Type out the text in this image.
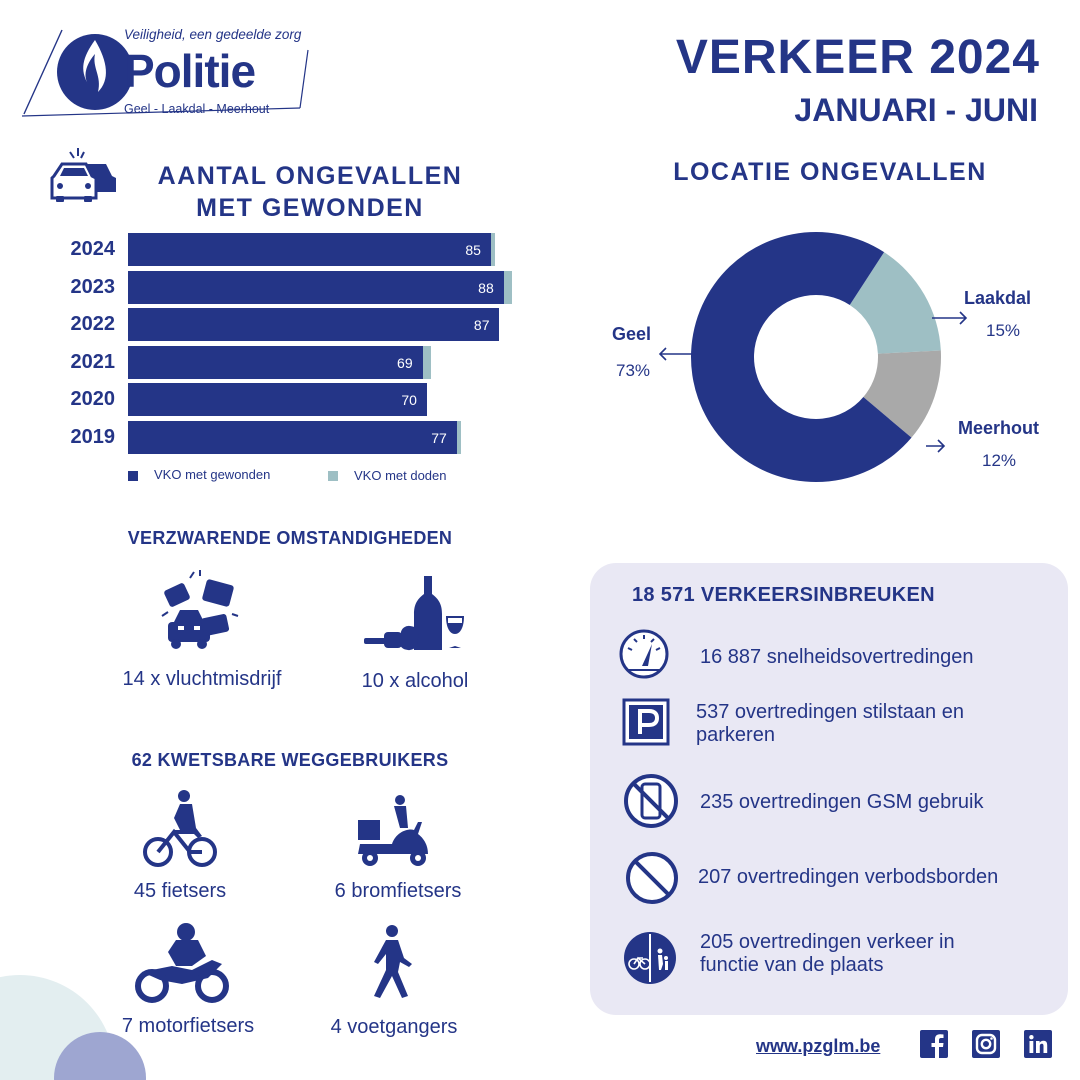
Veiligheid, een gedeelde zorg
Politie
Geel - Laakdal - Meerhout
VERKEER 2024
JANUARI - JUNI
AANTAL ONGEVALLEN MET GEWONDEN
2024	85
2023	88
2022	87
2021	69
2020	70
2019	77
VKO met gewonden	VKO met doden
LOCATIE ONGEVALLEN
Geel
73%
Laakdal
15%
Meerhout
12%
VERZWARENDE OMSTANDIGHEDEN
14 x vluchtmisdrijf	10 x alcohol
62 KWETSBARE WEGGEBRUIKERS
45 fietsers	6 bromfietsers
7 motorfietsers	4 voetgangers
18 571 VERKEERSINBREUKEN
16 887 snelheidsovertredingen
537 overtredingen stilstaan en parkeren
235 overtredingen GSM gebruik
207 overtredingen verbodsborden
205 overtredingen verkeer in functie van de plaats
www.pzglm.be
